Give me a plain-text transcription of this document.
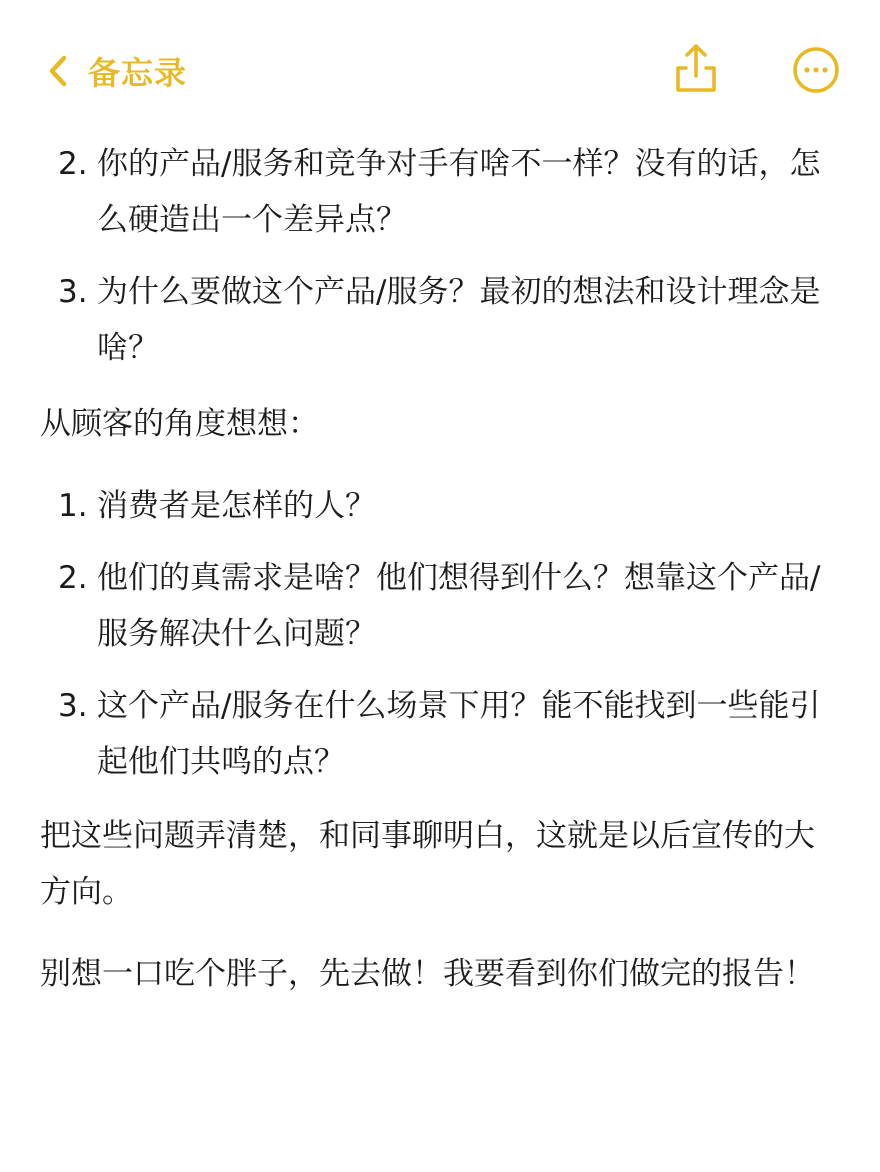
备忘录
2. 你的产品/服务和竞争对手有啥不一样？没有的话，怎么硬造出一个差异点？
3. 为什么要做这个产品/服务？最初的想法和设计理念是啥？
从顾客的角度想想：
1. 消费者是怎样的人？
2. 他们的真需求是啥？他们想得到什么？想靠这个产品/服务解决什么问题？
3. 这个产品/服务在什么场景下用？能不能找到一些能引起他们共鸣的点？
把这些问题弄清楚，和同事聊明白，这就是以后宣传的大方向。
别想一口吃个胖子，先去做！我要看到你们做完的报告！
